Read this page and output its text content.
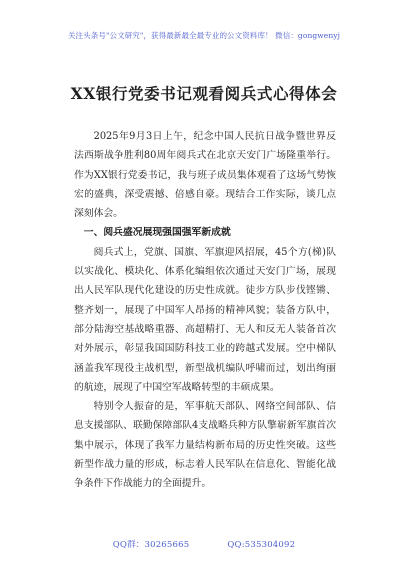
关注头条号"公文研究"，获得最新最全最专业的公文资料库！ 微信：gongwenyj
XX银行党委书记观看阅兵式心得体会

2025年9月3日上午，纪念中国人民抗日战争暨世界反法西斯战争胜利80周年阅兵式在北京天安门广场隆重举行。作为XX银行党委书记，我与班子成员集体观看了这场气势恢宏的盛典，深受震撼、倍感自豪。现结合工作实际，谈几点深刻体会。

一、阅兵盛况展现强国强军新成就

阅兵式上，党旗、国旗、军旗迎风招展，45个方(梯)队以实战化、模块化、体系化编组依次通过天安门广场，展现出人民军队现代化建设的历史性成就。徒步方队步伐铿锵、整齐划一，展现了中国军人昂扬的精神风貌；装备方队中，部分陆海空基战略重器、高超精打、无人和反无人装备首次对外展示，彰显我国国防科技工业的跨越式发展。空中梯队涵盖我军现役主战机型，新型战机编队呼啸而过，划出绚丽的航迹，展现了中国空军战略转型的丰硕成果。

特别令人振奋的是，军事航天部队、网络空间部队、信息支援部队、联勤保障部队4支战略兵种方队擎崭新军旗首次集中展示，体现了我军力量结构新布局的历史性突破。这些新型作战力量的形成，标志着人民军队在信息化、智能化战争条件下作战能力的全面提升。

QQ群：30265665	QQ:535304092
